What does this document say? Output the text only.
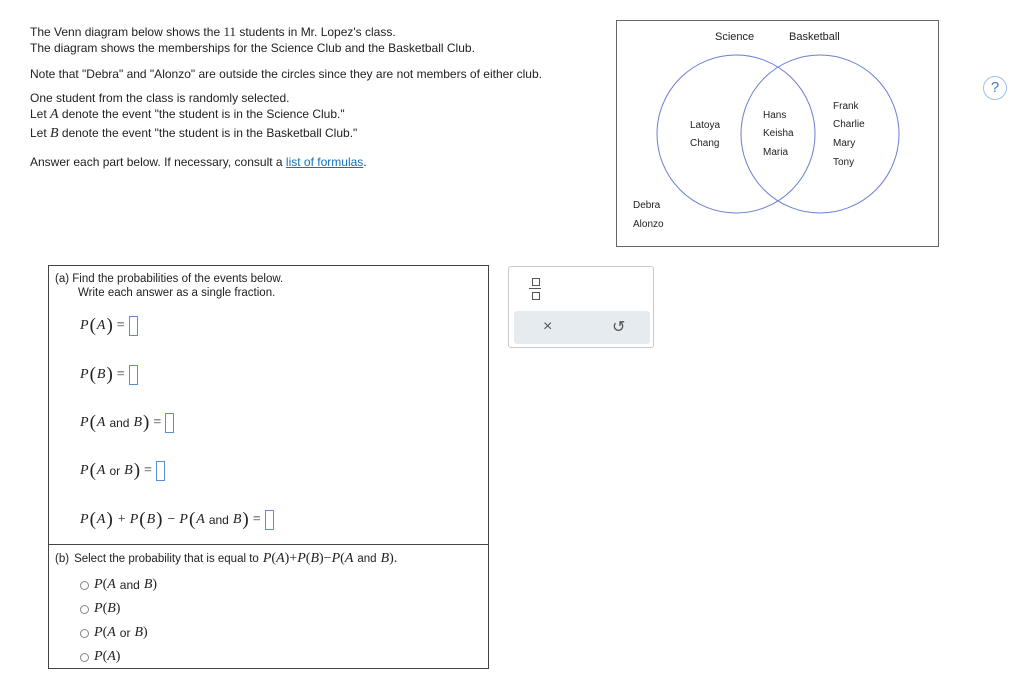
The Venn diagram below shows the 11 students in Mr. Lopez's class.
The diagram shows the memberships for the Science Club and the Basketball Club.
Note that "Debra" and "Alonzo" are outside the circles since they are not members of either club.
One student from the class is randomly selected.
Let A denote the event "the student is in the Science Club."
Let B denote the event "the student is in the Basketball Club."
Answer each part below. If necessary, consult a list of formulas.
Science	Basketball
Latoya
Chang
Hans
Keisha
Maria
Frank
Charlie
Mary
Tony
Debra
Alonzo
?
(a) Find the probabilities of the events below.
Write each answer as a single fraction.
P ( A ) =
P ( B ) =
P ( A and B ) =
P ( A or B ) =
P ( A ) + P ( B ) − P ( A and B ) =
(b) Select the probability that is equal to P ( A ) + P ( B ) − P ( A and B ).
P ( A and B )
P ( B )
P ( A or B )
P ( A )
×	↺
